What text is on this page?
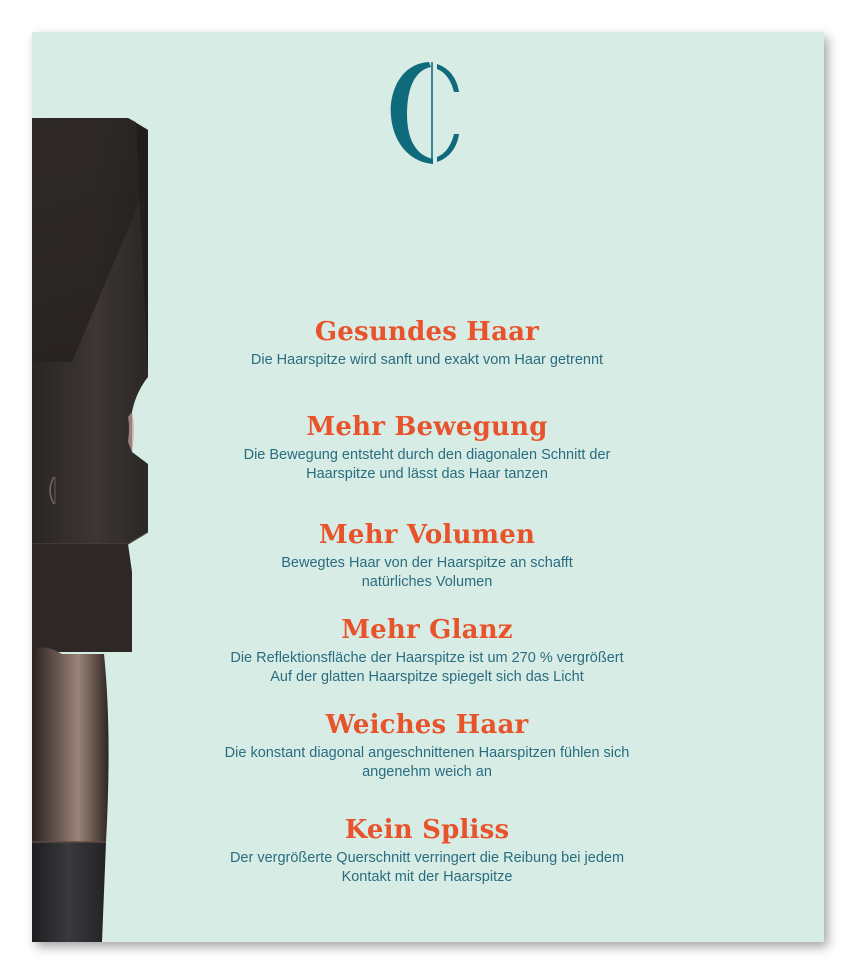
Gesundes Haar

Die Haarspitze wird sanft und exakt vom Haar getrennt

Mehr Bewegung

Die Bewegung entsteht durch den diagonalen Schnitt der
Haarspitze und lässt das Haar tanzen

Mehr Volumen

Bewegtes Haar von der Haarspitze an schafft
natürliches Volumen

Mehr Glanz

Die Reflektionsfläche der Haarspitze ist um 270 % vergrößert
Auf der glatten Haarspitze spiegelt sich das Licht

Weiches Haar

Die konstant diagonal angeschnittenen Haarspitzen fühlen sich
angenehm weich an

Kein Spliss

Der vergrößerte Querschnitt verringert die Reibung bei jedem
Kontakt mit der Haarspitze
